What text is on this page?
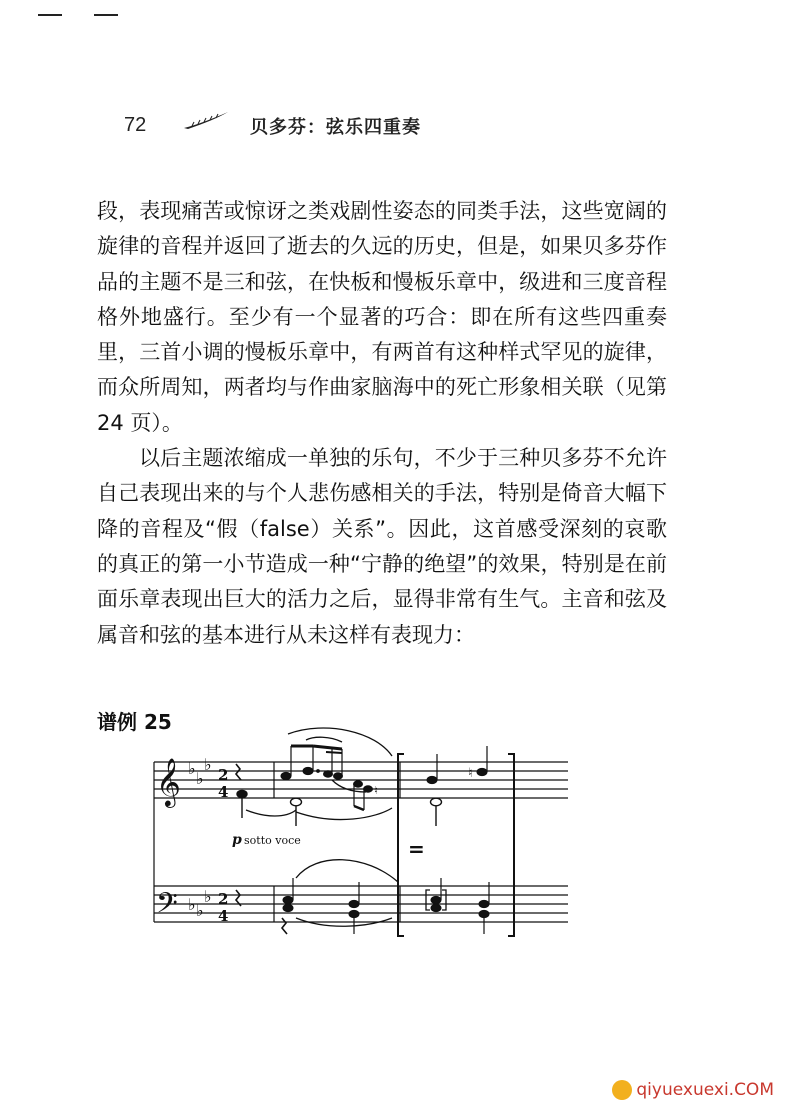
72	贝多芬：弦乐四重奏

段，表现痛苦或惊讶之类戏剧性姿态的同类手法，这些宽阔的旋律的音程并返回了逝去的久远的历史，但是，如果贝多芬作品的主题不是三和弦，在快板和慢板乐章中，级进和三度音程格外地盛行。至少有一个显著的巧合：即在所有这些四重奏里，三首小调的慢板乐章中，有两首有这种样式罕见的旋律，而众所周知，两者均与作曲家脑海中的死亡形象相关联（见第 24 页）。

以后主题浓缩成一单独的乐句，不少于三种贝多芬不允许自己表现出来的与个人悲伤感相关的手法，特别是倚音大幅下降的音程及“假（false）关系”。因此，这首感受深刻的哀歌的真正的第一小节造成一种“宁静的绝望”的效果，特别是在前面乐章表现出巨大的活力之后，显得非常有生气。主音和弦及属音和弦的基本进行从未这样有表现力：

谱例 25
𝄞
𝄢
♭
♭
♭
♭ ♭
♭
2
4
2
4
♮
♮
p sotto voce	=
qiyuexuexi.COM
